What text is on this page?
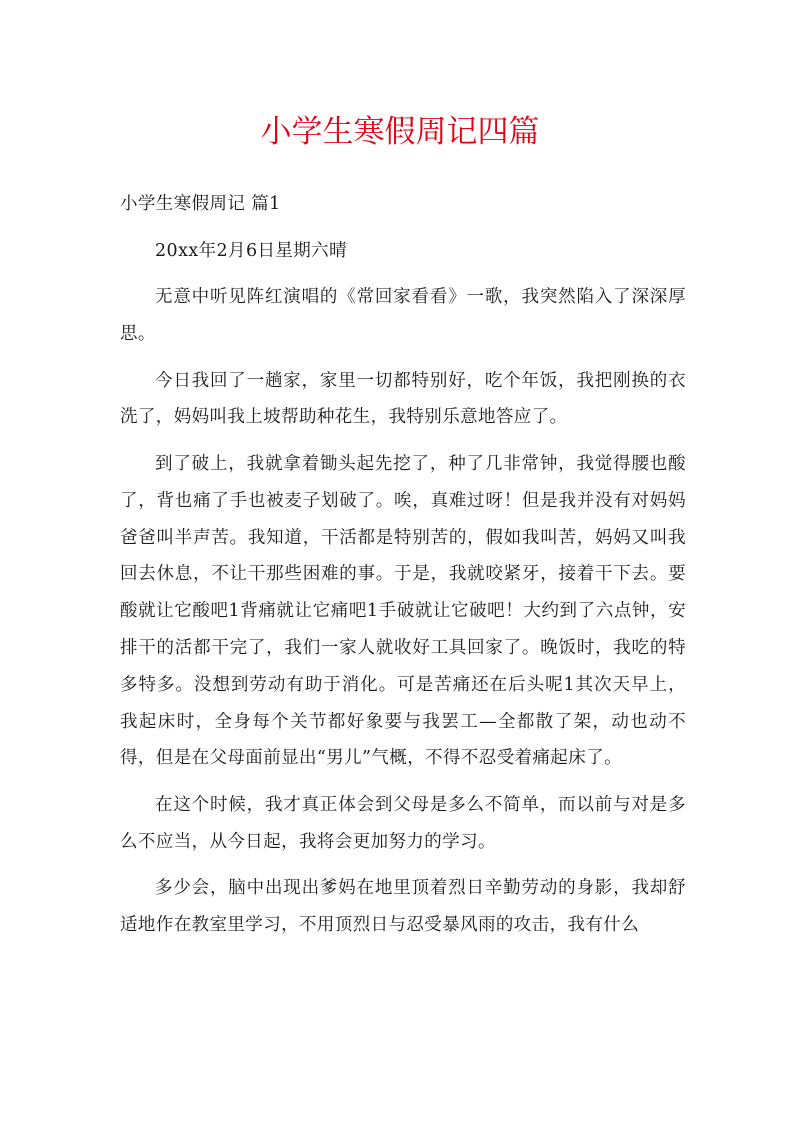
小学生寒假周记四篇

小学生寒假周记 篇1

20xx年2月6日星期六晴

无意中听见阵红演唱的《常回家看看》一歌，我突然陷入了深深厚思。

今日我回了一趟家，家里一切都特别好，吃个年饭，我把刚换的衣洗了，妈妈叫我上坡帮助种花生，我特别乐意地答应了。

到了破上，我就拿着锄头起先挖了，种了几非常钟，我觉得腰也酸了，背也痛了手也被麦子划破了。唉，真难过呀！但是我并没有对妈妈爸爸叫半声苦。我知道，干活都是特别苦的，假如我叫苦，妈妈又叫我回去休息，不让干那些困难的事。于是，我就咬紧牙，接着干下去。要酸就让它酸吧1背痛就让它痛吧1手破就让它破吧！大约到了六点钟，安排干的活都干完了，我们一家人就收好工具回家了。晚饭时，我吃的特多特多。没想到劳动有助于消化。可是苦痛还在后头呢1其次天早上，我起床时，全身每个关节都好象要与我罢工—全都散了架，动也动不得，但是在父母面前显出“男儿”气概，不得不忍受着痛起床了。

在这个时候，我才真正体会到父母是多么不简单，而以前与对是多么不应当，从今日起，我将会更加努力的学习。

多少会，脑中出现出爹妈在地里顶着烈日辛勤劳动的身影，我却舒适地作在教室里学习，不用顶烈日与忍受暴风雨的攻击，我有什么
